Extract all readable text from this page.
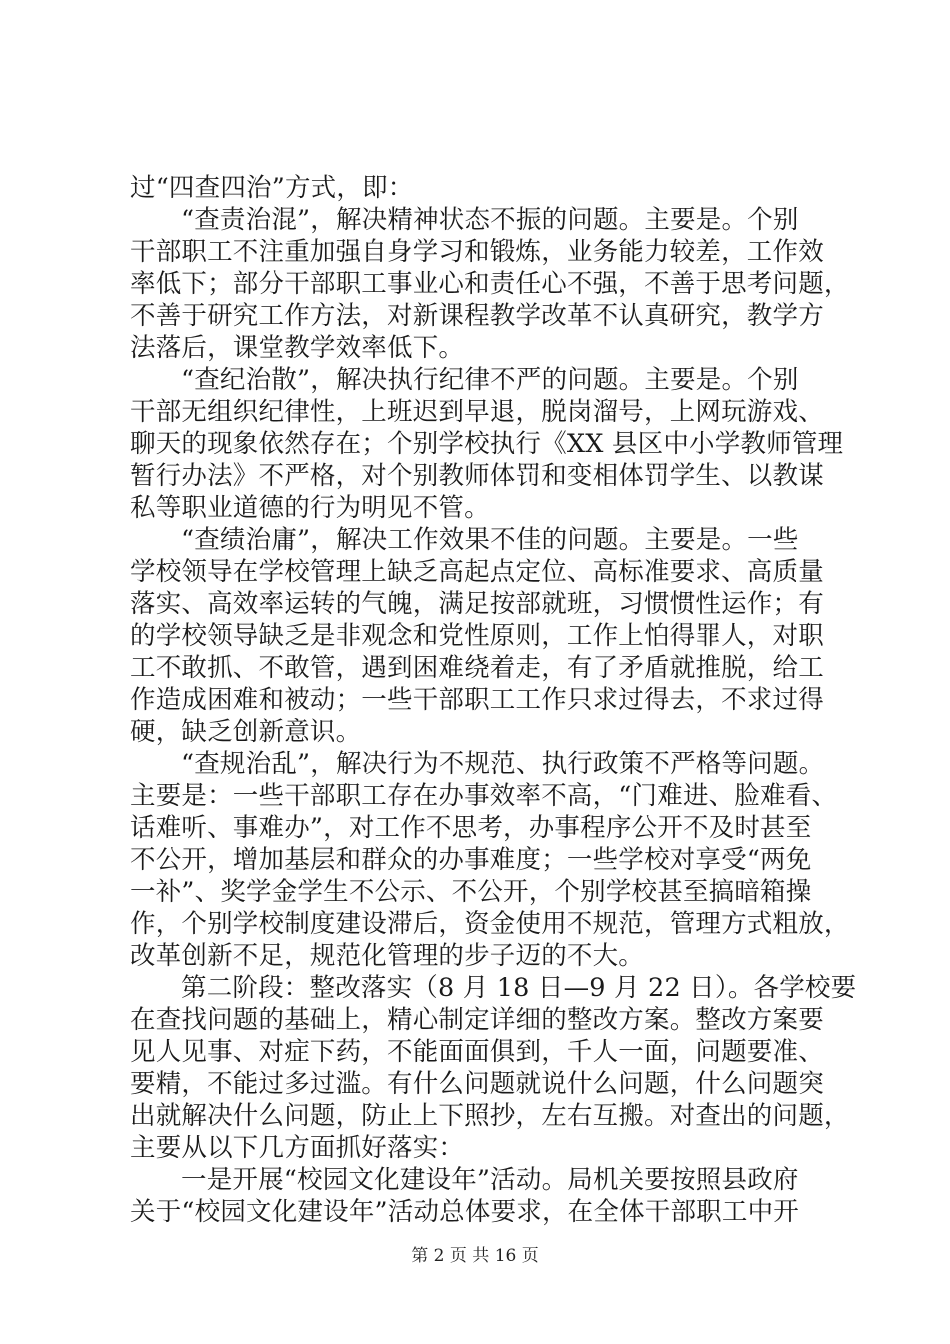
过“四查四治”方式，即：
“查责治混”，解决精神状态不振的问题。主要是。个别
干部职工不注重加强自身学习和锻炼，业务能力较差，工作效
率低下；部分干部职工事业心和责任心不强，不善于思考问题，
不善于研究工作方法，对新课程教学改革不认真研究，教学方
法落后，课堂教学效率低下。
“查纪治散”，解决执行纪律不严的问题。主要是。个别
干部无组织纪律性，上班迟到早退，脱岗溜号，上网玩游戏、
聊天的现象依然存在；个别学校执行《XX 县区中小学教师管理
暂行办法》不严格，对个别教师体罚和变相体罚学生、以教谋
私等职业道德的行为明见不管。
“查绩治庸”，解决工作效果不佳的问题。主要是。一些
学校领导在学校管理上缺乏高起点定位、高标准要求、高质量
落实、高效率运转的气魄，满足按部就班，习惯惯性运作；有
的学校领导缺乏是非观念和党性原则，工作上怕得罪人，对职
工不敢抓、不敢管，遇到困难绕着走，有了矛盾就推脱，给工
作造成困难和被动；一些干部职工工作只求过得去，不求过得
硬，缺乏创新意识。
“查规治乱”，解决行为不规范、执行政策不严格等问题。
主要是：一些干部职工存在办事效率不高，“门难进、脸难看、
话难听、事难办”，对工作不思考，办事程序公开不及时甚至
不公开，增加基层和群众的办事难度；一些学校对享受“两免
一补”、奖学金学生不公示、不公开，个别学校甚至搞暗箱操
作，个别学校制度建设滞后，资金使用不规范，管理方式粗放，
改革创新不足，规范化管理的步子迈的不大。
第二阶段：整改落实（8 月 18 日—9 月 22 日）。各学校要
在查找问题的基础上，精心制定详细的整改方案。整改方案要
见人见事、对症下药，不能面面俱到，千人一面，问题要准、
要精，不能过多过滥。有什么问题就说什么问题，什么问题突
出就解决什么问题，防止上下照抄，左右互搬。对查出的问题，
主要从以下几方面抓好落实：
一是开展“校园文化建设年”活动。局机关要按照县政府
关于“校园文化建设年”活动总体要求，在全体干部职工中开
第 2 页 共 16 页
